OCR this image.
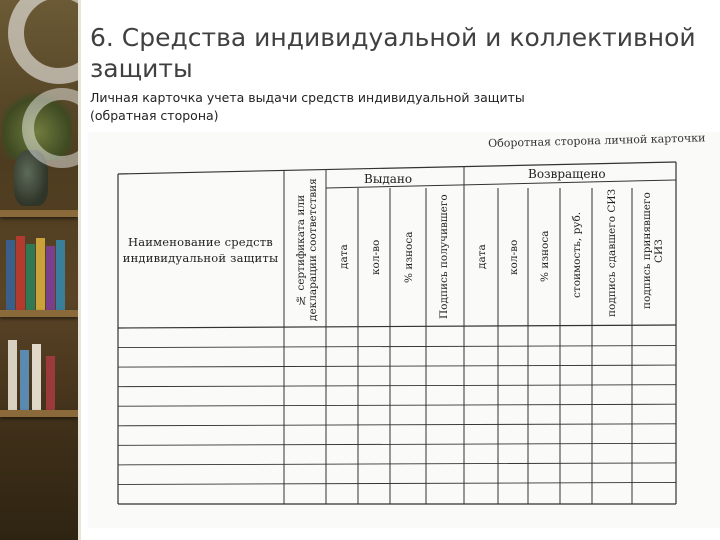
6. Средства индивидуальной и коллективной защиты
Личная карточка учета выдачи средств индивидуальной защиты
(обратная сторона)
Оборотная сторона личной карточки
Выдано	Возвращено
Наименование средств индивидуальной защиты	№ сертификата или декларации соответствия	дата	кол-во	% износа	Подпись получившего	дата	кол-во	% износа	стоимость, руб.	подпись сдавшего СИЗ	подпись принявшего СИЗ
